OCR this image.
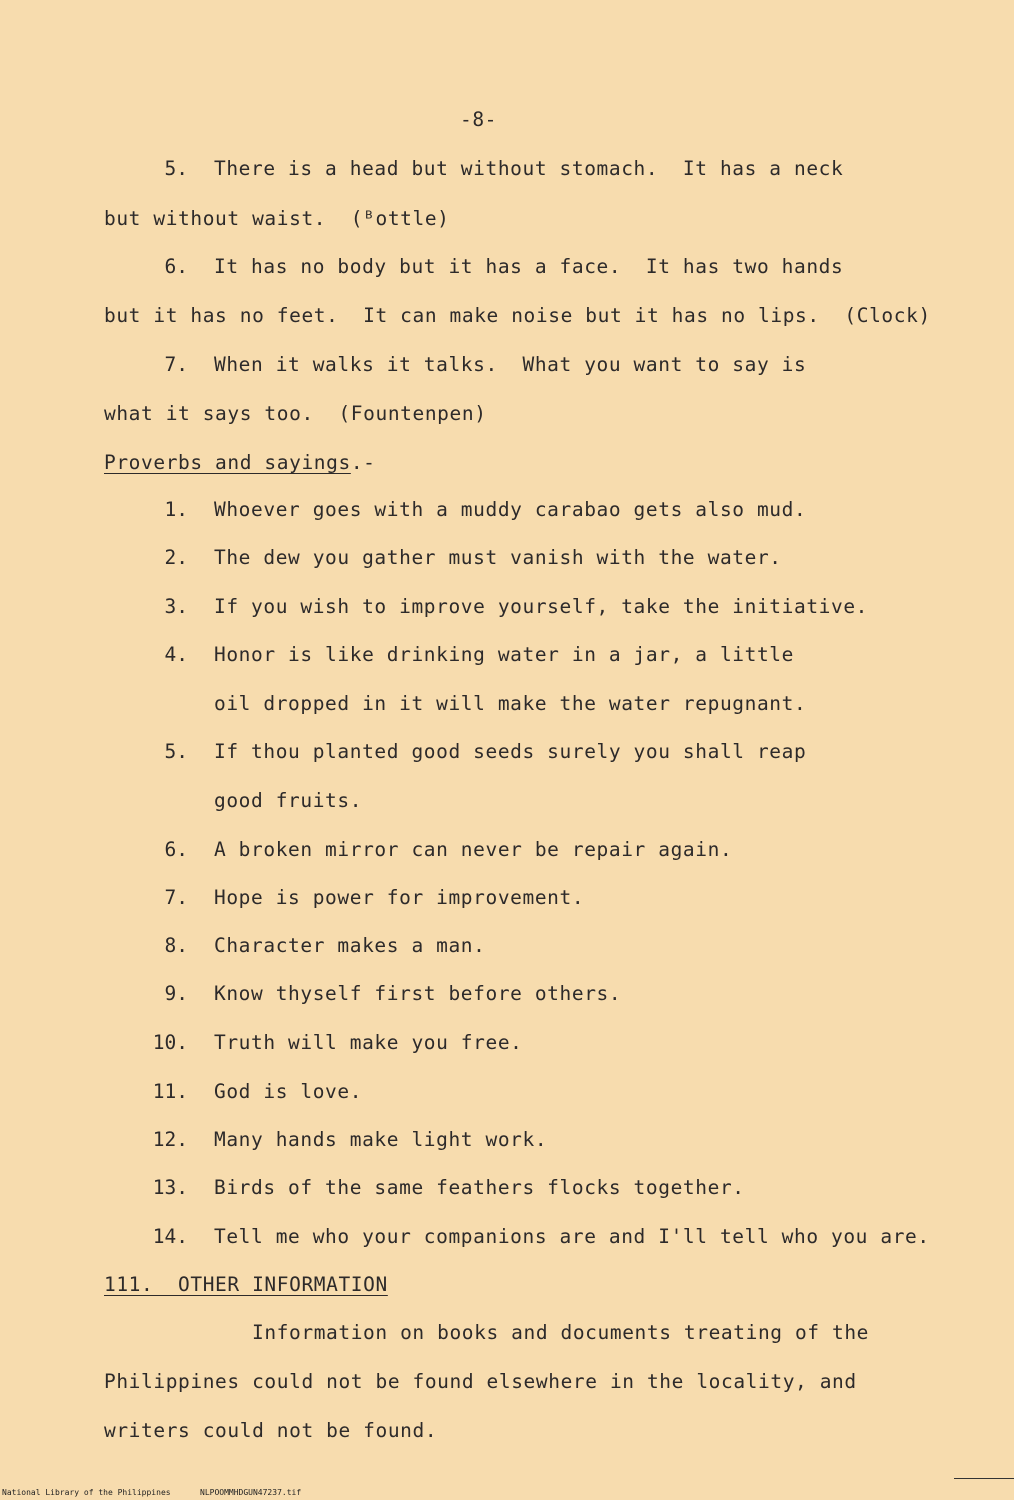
-8-
5. There is a head but without stomach.  It has a neck
but without waist.  (ᴮottle)
6. It has no body but it has a face.  It has two hands
but it has no feet.  It can make noise but it has no lips.  (Clock)
7. When it walks it talks.  What you want to say is
what it says too.  (Fountenpen)
Proverbs and sayings.-
1. Whoever goes with a muddy carabao gets also mud.
2. The dew you gather must vanish with the water.
3. If you wish to improve yourself, take the initiative.
4. Honor is like drinking water in a jar, a little
oil dropped in it will make the water repugnant.
5. If thou planted good seeds surely you shall reap
good fruits.
6. A broken mirror can never be repair again.
7. Hope is power for improvement.
8. Character makes a man.
9. Know thyself first before others.
10. Truth will make you free.
11. God is love.
12. Many hands make light work.
13. Birds of the same feathers flocks together.
14. Tell me who your companions are and I'll tell who you are.
111.  OTHER INFORMATION
Information on books and documents treating of the
Philippines could not be found elsewhere in the locality, and
writers could not be found.
National Library of the Philippines	NLPOOMMHDGUN47237.tif
